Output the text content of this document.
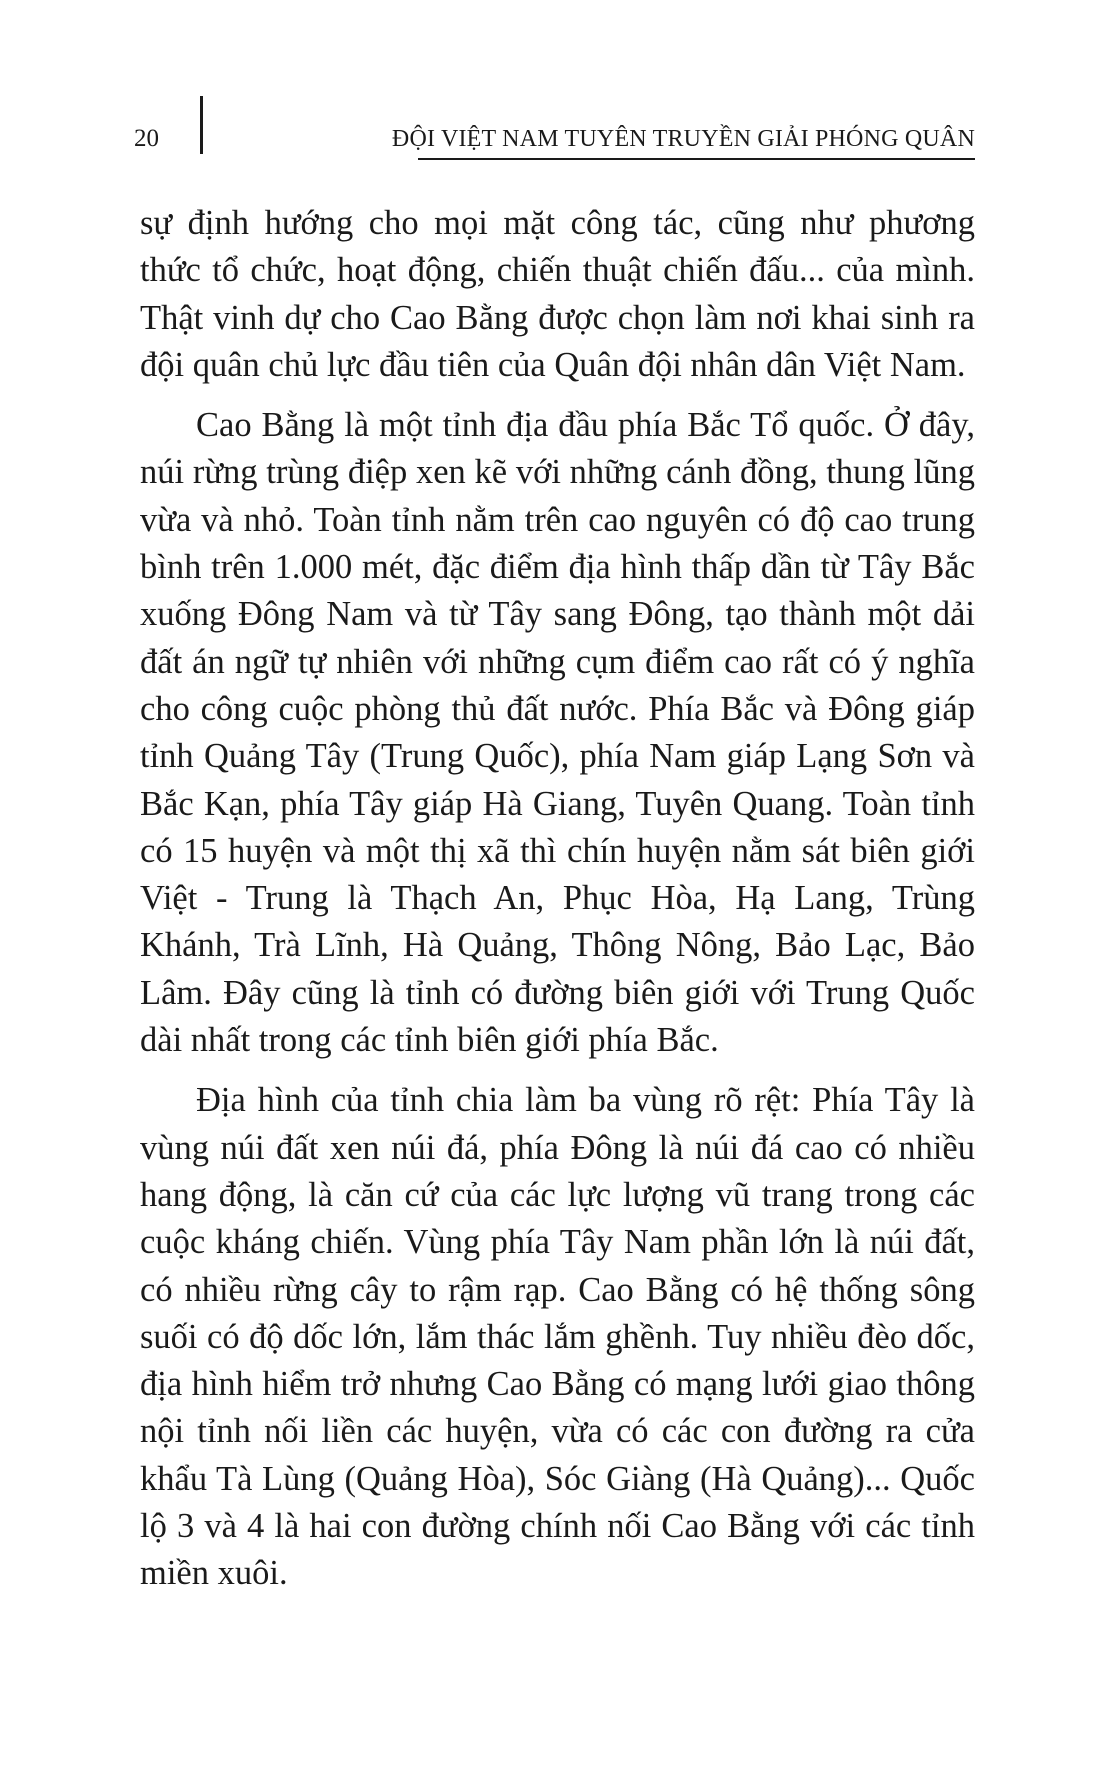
20	ĐỘI VIỆT NAM TUYÊN TRUYỀN GIẢI PHÓNG QUÂN

sự định hướng cho mọi mặt công tác, cũng như phương thức tổ chức, hoạt động, chiến thuật chiến đấu... của mình. Thật vinh dự cho Cao Bằng được chọn làm nơi khai sinh ra đội quân chủ lực đầu tiên của Quân đội nhân dân Việt Nam.

Cao Bằng là một tỉnh địa đầu phía Bắc Tổ quốc. Ở đây, núi rừng trùng điệp xen kẽ với những cánh đồng, thung lũng vừa và nhỏ. Toàn tỉnh nằm trên cao nguyên có độ cao trung bình trên 1.000 mét, đặc điểm địa hình thấp dần từ Tây Bắc xuống Đông Nam và từ Tây sang Đông, tạo thành một dải đất án ngữ tự nhiên với những cụm điểm cao rất có ý nghĩa cho công cuộc phòng thủ đất nước. Phía Bắc và Đông giáp tỉnh Quảng Tây (Trung Quốc), phía Nam giáp Lạng Sơn và Bắc Kạn, phía Tây giáp Hà Giang, Tuyên Quang. Toàn tỉnh có 15 huyện và một thị xã thì chín huyện nằm sát biên giới Việt - Trung là Thạch An, Phục Hòa, Hạ Lang, Trùng Khánh, Trà Lĩnh, Hà Quảng, Thông Nông, Bảo Lạc, Bảo Lâm. Đây cũng là tỉnh có đường biên giới với Trung Quốc dài nhất trong các tỉnh biên giới phía Bắc.

Địa hình của tỉnh chia làm ba vùng rõ rệt: Phía Tây là vùng núi đất xen núi đá, phía Đông là núi đá cao có nhiều hang động, là căn cứ của các lực lượng vũ trang trong các cuộc kháng chiến. Vùng phía Tây Nam phần lớn là núi đất, có nhiều rừng cây to rậm rạp. Cao Bằng có hệ thống sông suối có độ dốc lớn, lắm thác lắm ghềnh. Tuy nhiều đèo dốc, địa hình hiểm trở nhưng Cao Bằng có mạng lưới giao thông nội tỉnh nối liền các huyện, vừa có các con đường ra cửa khẩu Tà Lùng (Quảng Hòa), Sóc Giàng (Hà Quảng)... Quốc lộ 3 và 4 là hai con đường chính nối Cao Bằng với các tỉnh miền xuôi.
